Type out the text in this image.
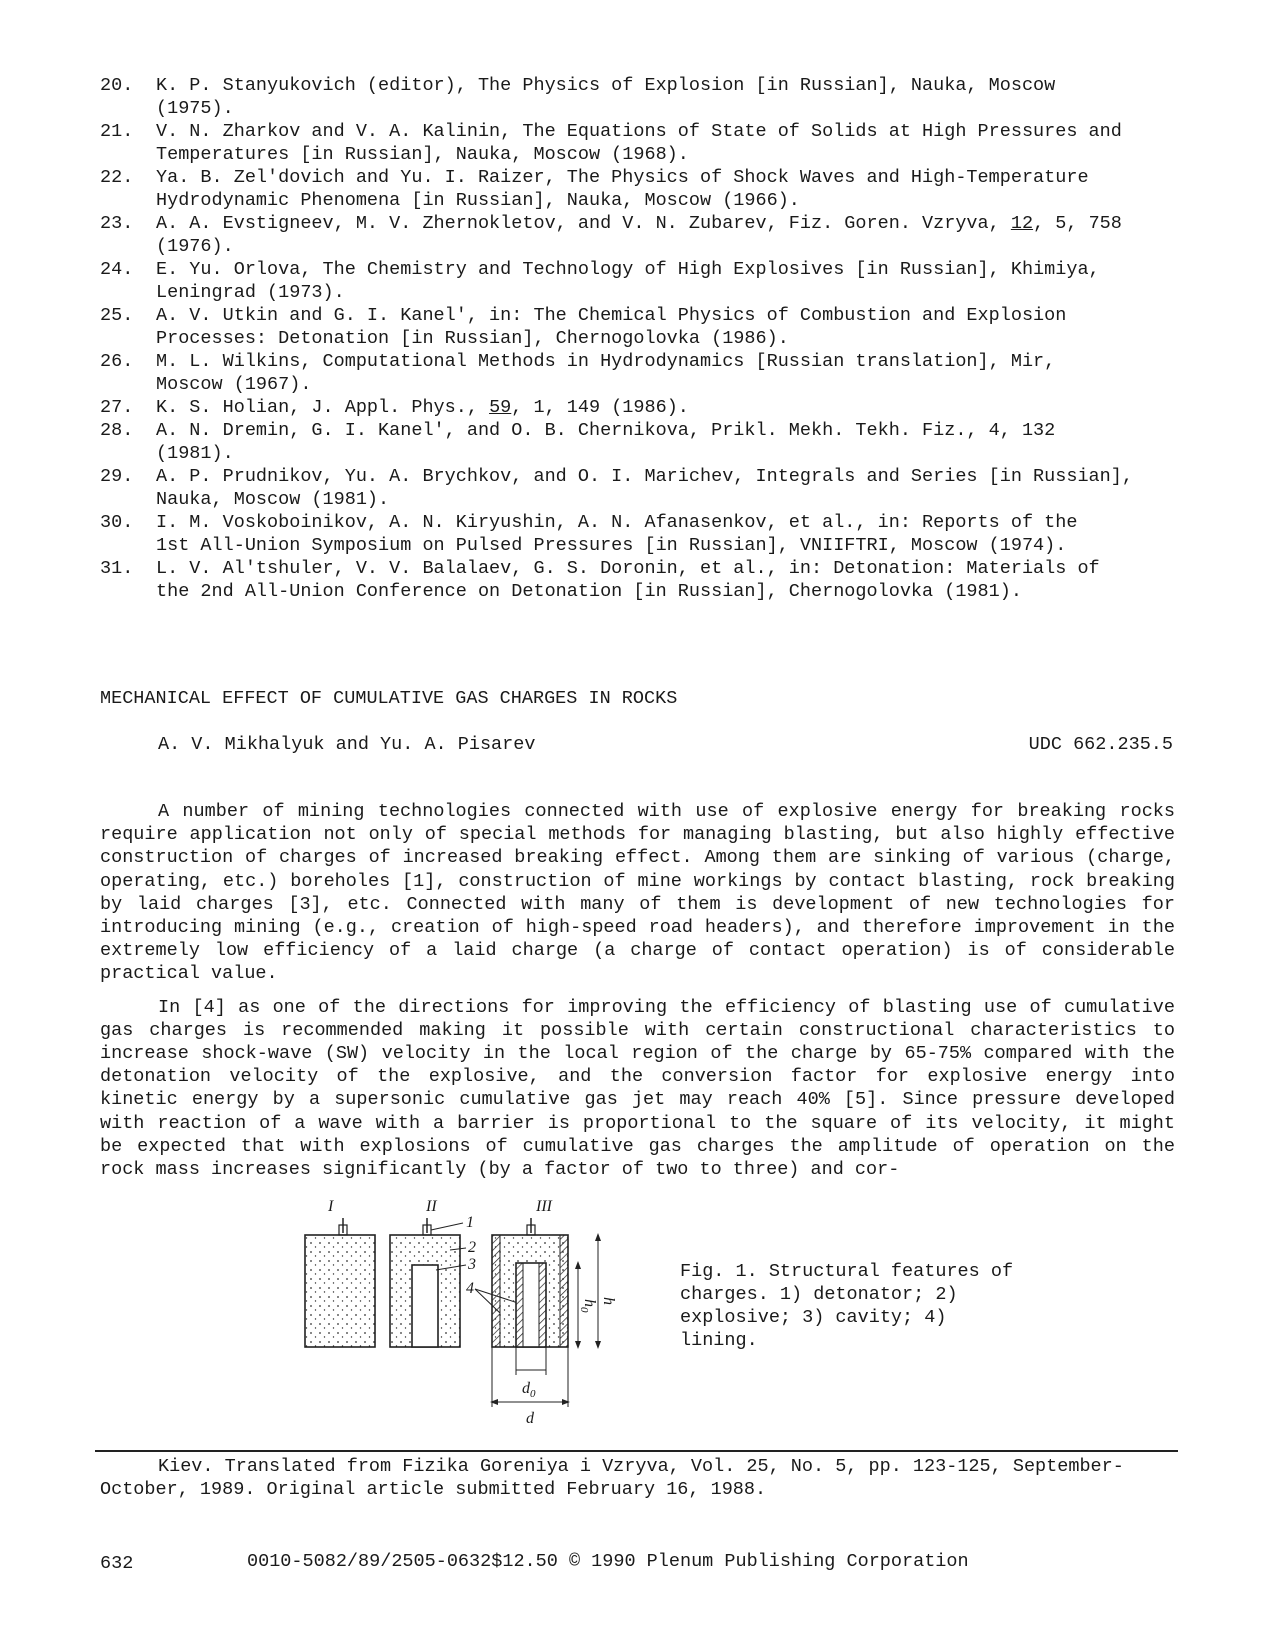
20.	K. P. Stanyukovich (editor), The Physics of Explosion [in Russian], Nauka, Moscow
(1975).
21.	V. N. Zharkov and V. A. Kalinin, The Equations of State of Solids at High Pressures and
Temperatures [in Russian], Nauka, Moscow (1968).
22.	Ya. B. Zel'dovich and Yu. I. Raizer, The Physics of Shock Waves and High-Temperature
Hydrodynamic Phenomena [in Russian], Nauka, Moscow (1966).
23.	A. A. Evstigneev, M. V. Zhernokletov, and V. N. Zubarev, Fiz. Goren. Vzryva, 12, 5, 758
(1976).
24.	E. Yu. Orlova, The Chemistry and Technology of High Explosives [in Russian], Khimiya,
Leningrad (1973).
25.	A. V. Utkin and G. I. Kanel', in: The Chemical Physics of Combustion and Explosion
Processes: Detonation [in Russian], Chernogolovka (1986).
26.	M. L. Wilkins, Computational Methods in Hydrodynamics [Russian translation], Mir,
Moscow (1967).
27.	K. S. Holian, J. Appl. Phys., 59, 1, 149 (1986).
28.	A. N. Dremin, G. I. Kanel', and O. B. Chernikova, Prikl. Mekh. Tekh. Fiz., 4, 132
(1981).
29.	A. P. Prudnikov, Yu. A. Brychkov, and O. I. Marichev, Integrals and Series [in Russian],
Nauka, Moscow (1981).
30.	I. M. Voskoboinikov, A. N. Kiryushin, A. N. Afanasenkov, et al., in: Reports of the
1st All-Union Symposium on Pulsed Pressures [in Russian], VNIIFTRI, Moscow (1974).
31.	L. V. Al'tshuler, V. V. Balalaev, G. S. Doronin, et al., in: Detonation: Materials of
the 2nd All-Union Conference on Detonation [in Russian], Chernogolovka (1981).
MECHANICAL EFFECT OF CUMULATIVE GAS CHARGES IN ROCKS
A. V. Mikhalyuk and Yu. A. Pisarev	UDC 662.235.5

A number of mining technologies connected with use of explosive energy for breaking rocks require application not only of special methods for managing blasting, but also highly effective construction of charges of increased breaking effect. Among them are sinking of various (charge, operating, etc.) boreholes [1], construction of mine workings by contact blasting, rock breaking by laid charges [3], etc. Connected with many of them is development of new technologies for introducing mining (e.g., creation of high-speed road headers), and therefore improvement in the extremely low efficiency of a laid charge (a charge of contact operation) is of considerable practical value.

In [4] as one of the directions for improving the efficiency of blasting use of cumulative gas charges is recommended making it possible with certain constructional characteristics to increase shock-wave (SW) velocity in the local region of the charge by 65-75% compared with the detonation velocity of the explosive, and the conversion factor for explosive energy into kinetic energy by a supersonic cumulative gas jet may reach 40% [5]. Since pressure developed with reaction of a wave with a barrier is proportional to the square of its velocity, it might be expected that with explosions of cumulative gas charges the amplitude of operation on the rock mass increases significantly (by a factor of two to three) and cor-

I	II
1
2
3
4
III
$h_0$
h
$d_0$
d
Fig. 1. Structural features of charges. 1) detonator; 2) explosive; 3) cavity; 4) lining.
Kiev. Translated from Fizika Goreniya i Vzryva, Vol. 25, No. 5, pp. 123-125, September-October, 1989. Original article submitted February 16, 1988.
632	0010-5082/89/2505-0632$12.50 © 1990 Plenum Publishing Corporation
